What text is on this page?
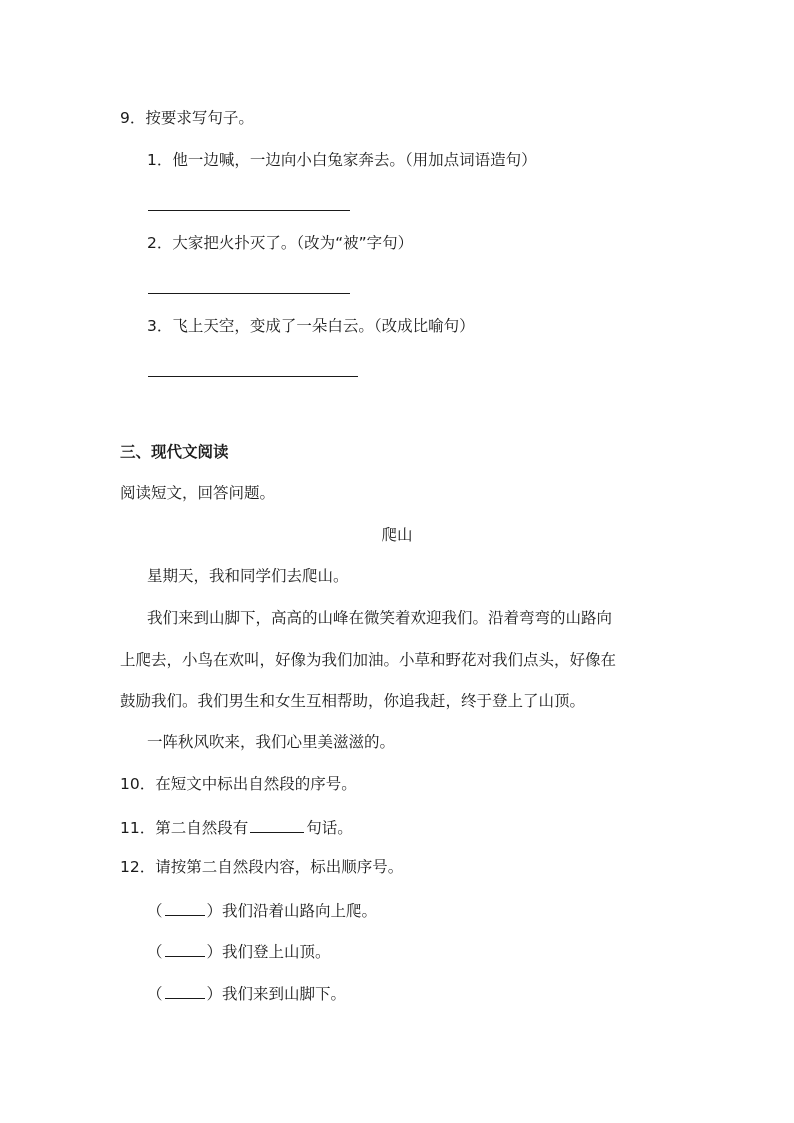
9．按要求写句子。
1．他一边喊，一边向小白兔家奔去。（用加点词语造句）
2．大家把火扑灭了。（改为“被”字句）
3．飞上天空，变成了一朵白云。（改成比喻句）
三、现代文阅读
阅读短文，回答问题。
爬山
星期天，我和同学们去爬山。
我们来到山脚下，高高的山峰在微笑着欢迎我们。沿着弯弯的山路向
上爬去，小鸟在欢叫，好像为我们加油。小草和野花对我们点头，好像在
鼓励我们。我们男生和女生互相帮助，你追我赶，终于登上了山顶。
一阵秋风吹来，我们心里美滋滋的。
10．在短文中标出自然段的序号。
11．第二自然段有	句话。
12．请按第二自然段内容，标出顺序号。
（	）我们沿着山路向上爬。
（	）我们登上山顶。
（	）我们来到山脚下。
